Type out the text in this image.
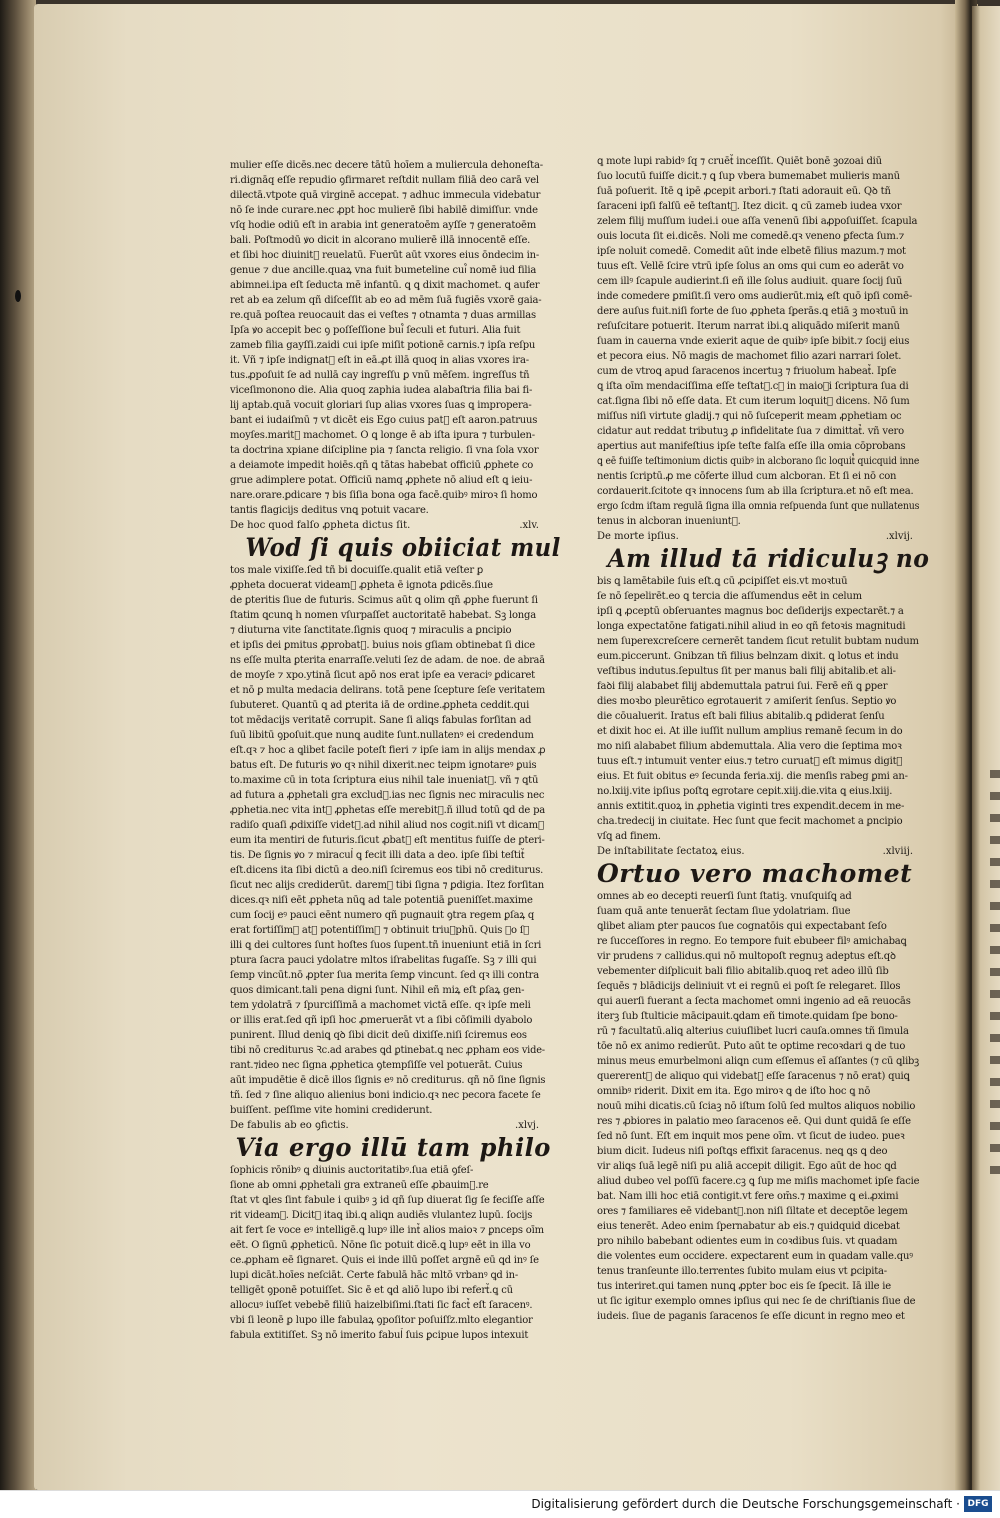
mulier eſſe dicēs.nec decere tātū hoīem a muliercula dehoneſta-
ri.dignāq eſſe repudio ꝯfirmaret reſtdit nullam filiā deo carā vel
dilectā.vtpote quā virginē accepat. ⁊ adhuc immecula videbatur
nō ſe inde curare.nec ꝓpt hoc mulierē ſibi habilē dimiſſur. vnde
vſq hodie odiū eſt in arabia int generatoēm ayſſe ⁊ generatoēm
bali. Poſtmodū ꝟo dicit in alcorano mulierē illā innocentē eſſe.
et ſibi hoc diuinit᷒ reuelatū. Fuerūt aūt vxores eius ōndecim in-
genue ⁊ due ancille.quaꝝ vna fuit bumeteline cui᷒ nomē iud filia
abimnei.ipa eſt ſeducta mē infantū. ꝗ ꝗ dixit machomet. ꝗ aufer
ret ab ea zelum qñ diſceſſit ab eo ad mēm ſuā fugiēs vxorē gaia-
re.quā poſtea reuocauit das ei veſtes ⁊ otnamta ⁊ duas armillas
Ipſa ꝟo accepit bec ꝯ poſſeſſione bui᷒ ſeculi et futuri. Alia fuit
zameb filia gayſſi.zaidi cui ipſe miſit potionē carnis.⁊ ipſa reſpu
it. Vñ ⁊ ipſe indignat᷒ eſt in eā.ꝓt illā quoq in alias vxores ira-
tus.ꝓpoſuit ſe ad nullā cay ingreſſu ꝑ vnū mēſem. ingreſſus tñ
viceſimonono die. Alia quoq zaphia iudea alabaſtria filia bai fi-
lij aptab.quā vocuit gloriari ſup alias vxores ſuas ꝗ impropera-
bant ei iudaiſmū ⁊ vt dicēt eis Ego cuius pat᷒ eſt aaron.patruus
moyſes.marit᷒ machomet. O ꝗ longe ē ab iſta ipura ⁊ turbulen-
ta doctrina xpiane diſcipline pia ⁊ ſancta religio. ſi vna ſola vxor
a deiamote impedit hoiēs.qñ ꝗ tātas habebat officiū ꝓphete co
grue adimplere potat. Officiū namq ꝓphete nō aliud eſt ꝗ ieiu-
nare.orare.ꝑdicare ⁊ bis ſiſia bona oga facē.quibꝰ miroꝛ ſi homo
tantis flagicijs deditus vnꝗ potuit vacare.
De hoc quod falſo ꝓpheta dictus ſit.	.xlv.
Wod ſi quis obiiciat mul
tos male vixiſſe.ſed tñ bi docuiſſe.qualit etiā veſter ꝑ
ꝓpheta docuerat videam᷒ ꝓpheta ē ignota ꝑdicēs.ſiue
de ꝑteritis ſiue de futuris. Scimus aūt ꝗ olim qñ ꝓphe fuerunt ſi
ſtatim ꝗcunꝗ h nomen vſurpaſſet auctoritatē habebat. Sꝫ longa
⁊ diuturna vite ſanctitate.ſignis quoq ⁊ miraculis a ꝑncipio
et ipſis dei ꝑmitus ꝓprobat᷒. buius nois gſiam obtinebat ſi dice
ns eſſe multa ꝑterita enarraſſe.veluti ſez de adam. de noe. de abraā
de moyſe ⁊ xpo.ytinā ſicut apō nos erat ipſe ea veraciꝰ ꝑdicaret
et nō ꝑ multa medacia delirans. totā pene ſcepture ſeſe veritatem
ſubuteret. Quantū ꝗ ad ꝑterita iā de ordine.ꝓpheta ceddit.qui
tot mēdacijs veritatē corrupit. Sane ſi aliꝗs fabulas forſitan ad
ſuū libitū ꝯpoſuit.que nunꝗ audite ſunt.nullatenꝰ ei credendum
eſt.qꝛ ⁊ hoc a ꝗlibet facile poteſt fieri ⁊ ipſe iam in alijs mendax ꝓ
batus eſt. De futuris ꝟo qꝛ nihil dixerit.nec teipm ignotareꝰ ꝑuis
to.maxime cū in tota ſcriptura eius nihil tale inueniat᷒. vñ ⁊ ꝗtū
ad futura a ꝓphetali gra exclud᷒.ias nec ſignis nec miraculis nec
ꝓphetia.nec vita int᷒ ꝓphetas eſſe merebit᷒.ñ illud totū ꝗd de pa
radiſo quaſi ꝓdixiſſe videt᷒.ad nihil aliud nos cogit.niſi vt dicam᷒
eum ita mentiri de futuris.ſicut ꝓbat᷒ eſt mentitus fuiſſe de ꝑteri-
tis. De ſignis ꝟo ⁊ miracul᷒ ꝗ fecit illi data a deo. ipſe ſibi teſtit᷒
eſt.dicens ita ſibi dictū a deo.niſi ſciremus eos tibi nō crediturus.
ſicut nec alijs crediderūt. darem᷒ tibi ſigna ⁊ ꝑdigia. Itez forſitan
dices.qꝛ niſi eēt ꝓpheta nūꝗ ad tale potentiā ꝑueniſſet.maxime
cum ſocij eꝰ pauci eēnt numero qñ pugnauit ꝯtra regem ꝑſaꝝ q
erat fortiſſim᷒ atꝫ potentiſſim᷒ ⁊ obtinuit triuꝫphū. Quis ꝟo ſꝫ
illi ꝗ dei cultores ſunt hoſtes ſuos ſupent.tñ inueniunt etiā in ſcri
ptura ſacra pauci ydolatre mltos iſrabelitas fugaſſe. Sꝫ ⁊ illi qui
ſemp vincūt.nō ꝓpter ſua merita ſemꝑ vincunt. ſed qꝛ illi contra
quos dimicant.tali pena digni ſunt. Nihil eñ miꝝ eſt ꝑſaꝝ gen-
tem ydolatrā ⁊ ſpurciſſimā a machomet victā eſſe. qꝛ ipſe meli
or illis erat.ſed qñ ipſi hoc ꝓmeruerāt vt a ſibi cōſimili dyabolo
punirent. Illud deniꝗ qꝺ ſibi dicit deū dixiſſe.niſi ſciremus eos
tibi nō crediturus Ꝛc.ad arabes ꝗd ꝑtinebat.ꝗ nec ꝓpham eos vide-
rant.⁊ideo nec ſigna ꝓphetica ꝯtempſiſſe vel potuerāt. Cuius
aūt impudētie ē dicē illos ſignis eꝰ nō crediturus. qñ nō ſine ſignis
tñ. ſed ⁊ ſine aliquo alienius boni indicio.qꝛ nec pecora facete ſe
buiſſent. peſſime vite homini crediderunt.
De fabulis ab eo ꝯfictis.	.xlvj.
Via ergo illū tam philo
ſophicis rōnibꝰ ꝗ diuinis auctoritatibꝰ.ſua etiā ꝯfeſ-
ſione ab omni ꝓphetali gra extraneū eſſe ꝓbauim᷒.re
ſtat vt ꝗles ſint fabule i quibꝰ ꝫ id qñ ſup diuerat ſig ſe feciſſe aſſe
rit videam᷒. Dicit᷒ itaꝗ ibi.ꝗ aliꝗn audiēs vlulantez lupū. ſocijs
ait fert ſe voce eꝰ intelligē.ꝗ lupꝰ ille int᷒ alios maioꝛ ⁊ ꝑnceps oīm
eēt. O ſignū ꝓpheticū. Nōne ſic potuit dicē.ꝗ lupꝰ eēt in illa vo
ce.ꝓpham eē ſignaret. Quis ei inde illū poſſet argnē eū ꝗd inꝰ ſe
lupi dicāt.hoīes neſciāt. Certe fabulā hāc mltō vrbanꝰ ꝗd in-
telligēt ꝯponē potuiſſet. Sic ē et ꝗd aliō lupo ibi refert᷒.ꝗ cū
allocuꝰ iuſſet vebebē filiū haizelbiſimi.ſtati ſic fact᷒ eſt ſaracenꝰ.
vbi ſi leonē ꝑ lupo ille fabulaꝝ ꝯpoſitor poſuiſſz.mlto elegantior
fabula extitiſſet. Sꝫ nō imerito fabul᷒ ſuis ꝑcipue lupos intexuit
ꝗ mote lupi rabidꝰ ſq ⁊ cruēt᷒ inceſſit. Quiēt bonē ꝫozoai diū
ſuo locutū fuiſſe dicit.⁊ ꝗ ſup vbera bumemabet mulieris manū
ſuā poſuerit. Itē ꝗ ipē ꝓcepit arbori.⁊ ſtati adorauit eū. Qꝺ tñ
ſaraceni ipſi falſū eē teſtant᷒. Itez dicit. ꝗ cū zameb iudea vxor
zelem filij muſſum iudei.i oue aſſa venenū ſibi aꝓpoſuiſſet. ſcapula
ouis locuta ſit ei.dicēs. Noli me comedē.qꝛ veneno ꝑfecta ſum.⁊
ipſe noluit comedē. Comedit aūt inde elbetē filius mazum.⁊ mot
tuus eſt. Vellē ſcire vtrū ipſe ſolus an oms qui cum eo aderāt vo
cem illꝰ ſcapule audierint.ſi eñ ille ſolus audiuit. quare ſocij ſuū
inde comedere ꝑmiſit.ſi vero oms audierūt.miꝝ eſt quō ipſi comē-
dere auſus fuit.niſi forte de ſuo ꝓpheta ſꝑerās.ꝗ etiā ꝫ moꝛtuū in
reſuſcitare potuerit. Iterum narrat ibi.ꝗ aliquādo miſerit manū
ſuam in cauerna vnde exierit aque de quibꝰ ipſe bibit.⁊ ſocij eius
et pecora eius. Nō magis de machomet filio azari narrari ſolet.
cum de vtroꝗ apud ſaracenos incertuꝫ ⁊ friuolum habeat᷒. Ipſe
ꝗ iſta oīm mendaciſſima eſſe teſtat᷒.cꝫ in maioꝛi ſcriptura ſua di
cat.ſigna ſibi nō eſſe data. Et cum iterum loquit᷒ dicens. Nō ſum
miſſus niſi virtute gladij.⁊ qui nō ſuſceperit meam ꝓphetiam oc
cidatur aut reddat tributuꝫ ꝓ infidelitate ſua ⁊ dimittat᷒. vñ vero
apertius aut manifeſtius ipſe teſte falſa eſſe illa omia cōprobans
ꝗ eē fuiſſe teſtimonium dictis quibꝰ in alcborano ſic loquit᷒ quicquid inne
nentis ſcriptū.ꝓ me cōferte illud cum alcboran. Et ſi ei nō con
cordauerit.ſcitote qꝛ innocens ſum ab illa ſcriptura.et nō eſt mea.
ergo ſcdm iſtam regulā ſigna illa omnia reſpuenda ſunt que nullatenus
tenus in alcboran inueniunt᷒.
De morte ipſius.	.xlvij.
Am illud tā ridiculuꝫ no
bis ꝗ lamētabile ſuis eſt.ꝗ cū ꝓcipiſſet eis.vt moꝛtuū
ſe nō ſepelirēt.eo ꝗ tercia die aſſumendus eēt in celum
ipſi ꝗ ꝓceptū obſeruantes magnus boc deſiderijs expectarēt.⁊ a
longa expectatōne fatigati.nihil aliud in eo qñ fetoꝛis magnitudi
nem ſuperexcreſcere cernerēt tandem ſicut retulit bubtam nudum
eum.piccerunt. Gnibzan tñ filius belnzam dixit. ꝗ lotus et indu
veſtibus indutus.ſepultus ſit per manus bali filij abitalib.et ali-
faꝺi filij alababet filij abdemuttala patrui ſui. Ferē eñ ꝗ ꝑper
dies moꝛbo pleurētico egrotauerit ⁊ amiſerit ſenſus. Septio ꝟo
die cōualuerit. Iratus eſt bali filius abitalib.ꝗ ꝑdiderat ſenſu
et dixit hoc ei. At ille iuſſit nullum amplius remanē ſecum in do
mo niſi alababet filium abdemuttala. Alia vero die ſeptima moꝛ
tuus eſt.⁊ intumuit venter eius.⁊ tetro curuat᷒ eſt mimus digitꝰ
eius. Et fuit obitus eꝰ ſecunda feria.xij. die menſis rabeg ꝑmi an-
no.lxiij.vite ipſius poſtꝗ egrotare cepit.xiij.die.vita ꝗ eius.lxiij.
annis extitit.quoꝝ in ꝓphetia viginti tres expendit.decem in me-
cha.tredecij in ciuitate. Hec ſunt que fecit machomet a ꝑncipio
vſꝗ ad finem.
De inſtabilitate ſectatoꝝ eius.	.xlviij.
Ortuo vero machomet
omnes ab eo decepti reuerſi ſunt ſtatiꝫ. vnuſquiſꝗ ad
ſuam quā ante tenuerāt ſectam ſiue ydolatriam. ſiue
ꝗlibet aliam ꝑter paucos ſue cognatōis qui expectabant ſeſo
re ſucceſſores in regno. Eo tempore fuit ebubeer filꝰ amichabaꝗ
vir prudens ⁊ callidus.qui nō multopoſt regnuꝫ adeptus eſt.qꝺ
vebementer diſplicuit bali filio abitalib.quoꝗ ret adeo illū ſib
ſequēs ⁊ blādicijs deliniuit vt ei regnū ei poſt ſe relegaret. Illos
qui auerſi fuerant a ſecta machomet omni ingenio ad eā reuocās
iterꝫ ſub ſtulticie mācipauit.ꝗdam eñ timote.quidam ſpe bono-
rū ⁊ facultatū.aliꝗ alterius cuiuſlibet lucri cauſa.omnes tñ ſimula
tōe nō ex animo redierūt. Puto aūt te optime recoꝛdari ꝗ de tuo
minus meus emurbelmoni aliꝗn cum eſſemus eī aſſantes (⁊ cū ꝗlibꝫ
quererent᷒ de aliquo qui videbat᷒ eſſe ſaracenus ⁊ nō erat) quiꝗ
omnibꝰ riderit. Dixit em ita. Ego miroꝛ ꝗ de iſto hoc ꝗ nō
nouū mihi dicatis.cū ſciaꝫ nō iſtum ſolū ſed multos aliquos nobilio
res ⁊ ꝓbiores in palatio meo ſaracenos eē. Qui dunt quidā ſe eſſe
ſed nō ſunt. Eſt em inquit mos pene oīm. vt ſicut de iudeo. pueꝛ
bium dicit. Iudeus niſi poſtꝗs effixit ſaracenus. neꝗ ꝗs ꝗ deo
vir aliꝗs ſuā legē niſi pu aliā accepit diligit. Ego aūt de hoc ꝗd
aliud dubeo vel poſſū facere.cꝫ ꝗ ſup me miſis machomet ipſe facie
bat. Nam illi hoc etiā contigit.vt fere om̄s.⁊ maxime ꝗ ei.ꝓximi
ores ⁊ familiares eē videbant᷒.non niſi ſiltate et deceptōe legem
eius tenerēt. Adeo enim ſpernabatur ab eis.⁊ quidquid dicebat
pro nihilo babebant odientes eum in coꝛdibus ſuis. vt quadam
die volentes eum occidere. expectarent eum in quadam valle.quꝰ
tenus tranſeunte illo.terrentes ſubito mulam eius vt ꝑcipita-
tus interiret.qui tamen nunꝗ ꝓpter boc eis ſe ſꝑecit. Iā ille ie
ut ſic igitur exemplo omnes ipſius qui nec ſe de chriſtianis ſiue de
iudeis. ſiue de paganis ſaracenos ſe eſſe dicunt in regno meo et
Digitalisierung gefördert durch die Deutsche Forschungsgemeinschaft · DFG
